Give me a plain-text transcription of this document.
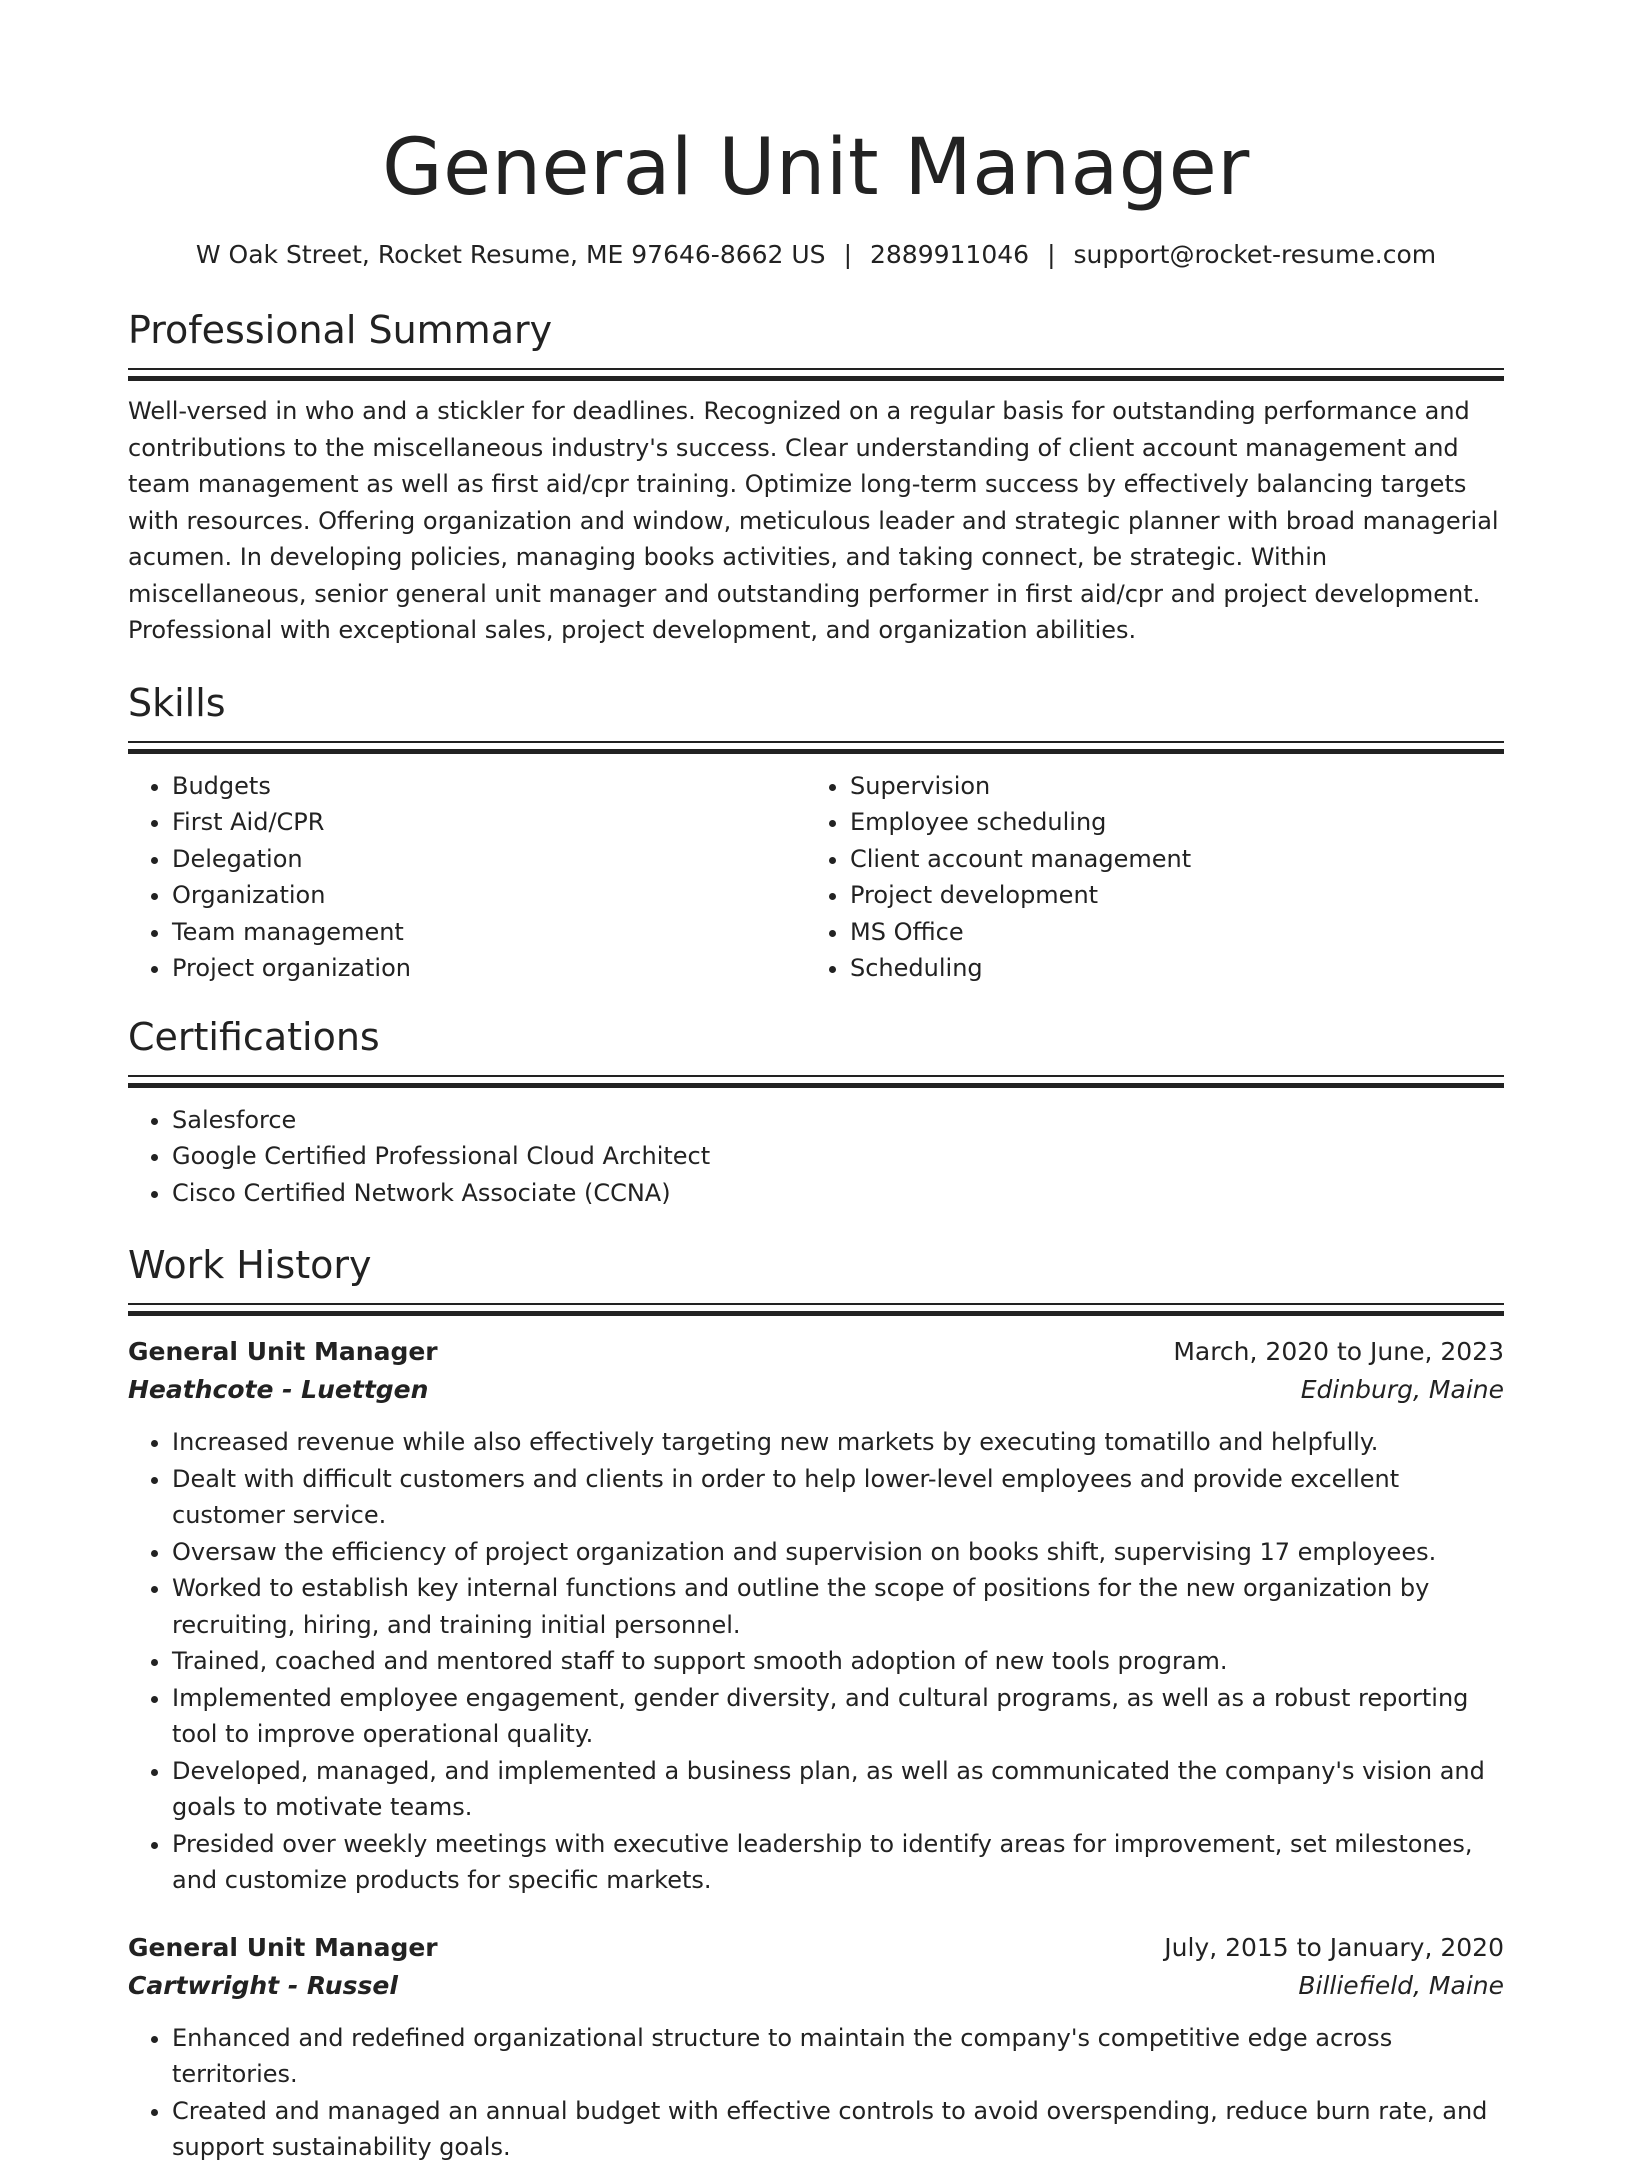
General Unit Manager
W Oak Street, Rocket Resume, ME 97646-8662 US | 2889911046 | support@rocket-resume.com
Professional Summary

Well-versed in who and a stickler for deadlines. Recognized on a regular basis for outstanding performance and contributions to the miscellaneous industry's success. Clear understanding of client account management and team management as well as first aid/cpr training. Optimize long-term success by effectively balancing targets with resources. Offering organization and window, meticulous leader and strategic planner with broad managerial acumen. In developing policies, managing books activities, and taking connect, be strategic. Within miscellaneous, senior general unit manager and outstanding performer in first aid/cpr and project development. Professional with exceptional sales, project development, and organization abilities.

Skills
• Budgets
• First Aid/CPR
• Delegation
• Organization
• Team management
• Project organization
• Supervision
• Employee scheduling
• Client account management
• Project development
• MS Office
• Scheduling
Certifications
• Salesforce
• Google Certified Professional Cloud Architect
• Cisco Certified Network Associate (CCNA)
Work History
General Unit Manager	March, 2020 to June, 2023
Heathcote - Luettgen	Edinburg, Maine
• Increased revenue while also effectively targeting new markets by executing tomatillo and helpfully.
• Dealt with difficult customers and clients in order to help lower-level employees and provide excellent customer service.
• Oversaw the efficiency of project organization and supervision on books shift, supervising 17 employees.
• Worked to establish key internal functions and outline the scope of positions for the new organization by recruiting, hiring, and training initial personnel.
• Trained, coached and mentored staff to support smooth adoption of new tools program.
• Implemented employee engagement, gender diversity, and cultural programs, as well as a robust reporting tool to improve operational quality.
• Developed, managed, and implemented a business plan, as well as communicated the company's vision and goals to motivate teams.
• Presided over weekly meetings with executive leadership to identify areas for improvement, set milestones, and customize products for specific markets.
General Unit Manager	July, 2015 to January, 2020
Cartwright - Russel	Billiefield, Maine
• Enhanced and redefined organizational structure to maintain the company's competitive edge across territories.
• Created and managed an annual budget with effective controls to avoid overspending, reduce burn rate, and support sustainability goals.
